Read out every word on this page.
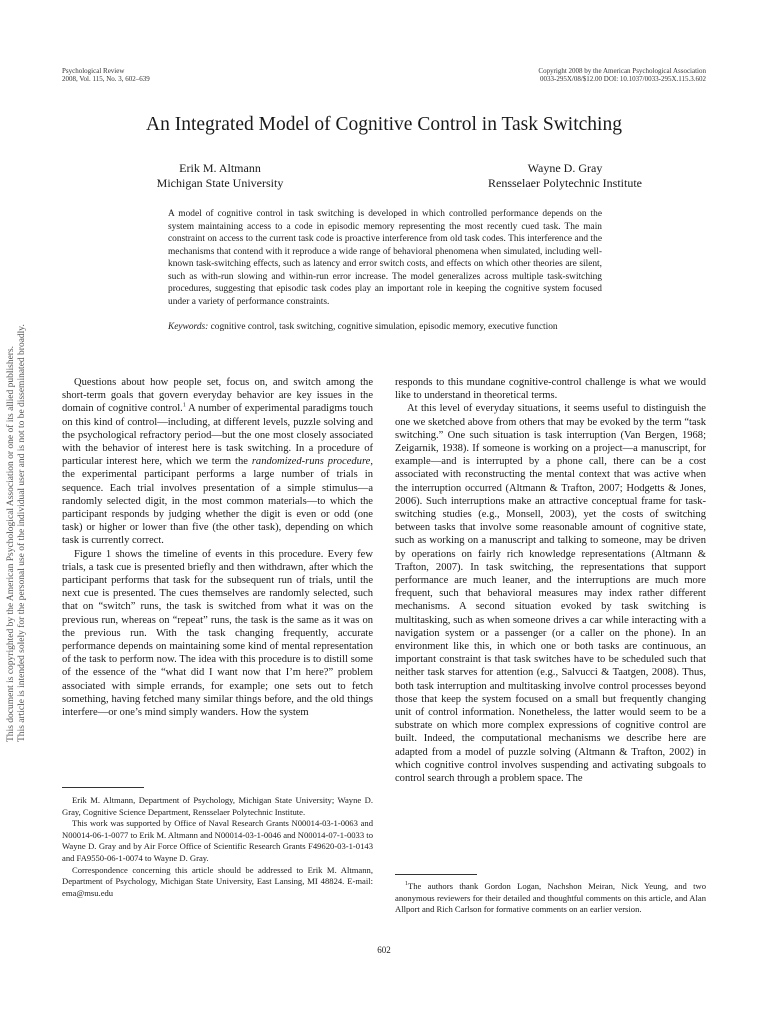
Psychological Review
2008, Vol. 115, No. 3, 602–639
Copyright 2008 by the American Psychological Association
0033-295X/08/$12.00 DOI: 10.1037/0033-295X.115.3.602
An Integrated Model of Cognitive Control in Task Switching
Erik M. Altmann
Michigan State University
Wayne D. Gray
Rensselaer Polytechnic Institute
A model of cognitive control in task switching is developed in which controlled performance depends on the system maintaining access to a code in episodic memory representing the most recently cued task. The main constraint on access to the current task code is proactive interference from old task codes. This interference and the mechanisms that contend with it reproduce a wide range of behavioral phenomena when simulated, including well-known task-switching effects, such as latency and error switch costs, and effects on which other theories are silent, such as with-run slowing and within-run error increase. The model generalizes across multiple task-switching procedures, suggesting that episodic task codes play an important role in keeping the cognitive system focused under a variety of performance constraints.
Keywords: cognitive control, task switching, cognitive simulation, episodic memory, executive function

Questions about how people set, focus on, and switch among the short-term goals that govern everyday behavior are key issues in the domain of cognitive control.$^1$ A number of experimental paradigms touch on this kind of control—including, at different levels, puzzle solving and the psychological refractory period—but the one most closely associated with the behavior of interest here is task switching. In a procedure of particular interest here, which we term the randomized-runs procedure, the experimental participant performs a large number of trials in sequence. Each trial involves presentation of a simple stimulus—a randomly selected digit, in the most common materials—to which the participant responds by judging whether the digit is even or odd (one task) or higher or lower than five (the other task), depending on which task is currently correct.

Figure 1 shows the timeline of events in this procedure. Every few trials, a task cue is presented briefly and then withdrawn, after which the participant performs that task for the subsequent run of trials, until the next cue is presented. The cues themselves are randomly selected, such that on “switch” runs, the task is switched from what it was on the previous run, whereas on “repeat” runs, the task is the same as it was on the previous run. With the task changing frequently, accurate performance depends on maintaining some kind of mental representation of the task to perform now. The idea with this procedure is to distill some of the essence of the “what did I want now that I’m here?” problem associated with simple errands, for example; one sets out to fetch something, having fetched many similar things before, and the old things interfere—or one’s mind simply wanders. How the system

responds to this mundane cognitive-control challenge is what we would like to understand in theoretical terms.

At this level of everyday situations, it seems useful to distinguish the one we sketched above from others that may be evoked by the term “task switching.” One such situation is task interruption (Van Bergen, 1968; Zeigarnik, 1938). If someone is working on a project—a manuscript, for example—and is interrupted by a phone call, there can be a cost associated with reconstructing the mental context that was active when the interruption occurred (Altmann & Trafton, 2007; Hodgetts & Jones, 2006). Such interruptions make an attractive conceptual frame for task-switching studies (e.g., Monsell, 2003), yet the costs of switching between tasks that involve some reasonable amount of cognitive state, such as working on a manuscript and talking to someone, may be driven by operations on fairly rich knowledge representations (Altmann & Trafton, 2007). In task switching, the representations that support performance are much leaner, and the interruptions are much more frequent, such that behavioral measures may index rather different mechanisms. A second situation evoked by task switching is multitasking, such as when someone drives a car while interacting with a navigation system or a passenger (or a caller on the phone). In an environment like this, in which one or both tasks are continuous, an important constraint is that task switches have to be scheduled such that neither task starves for attention (e.g., Salvucci & Taatgen, 2008). Thus, both task interruption and multitasking involve control processes beyond those that keep the system focused on a small but frequently changing unit of control information. Nonetheless, the latter would seem to be a substrate on which more complex expressions of cognitive control are built. Indeed, the computational mechanisms we describe here are adapted from a model of puzzle solving (Altmann & Trafton, 2002) in which cognitive control involves suspending and activating subgoals to control search through a problem space. The

Erik M. Altmann, Department of Psychology, Michigan State University; Wayne D. Gray, Cognitive Science Department, Rensselaer Polytechnic Institute.

This work was supported by Office of Naval Research Grants N00014-03-1-0063 and N00014-06-1-0077 to Erik M. Altmann and N00014-03-1-0046 and N00014-07-1-0033 to Wayne D. Gray and by Air Force Office of Scientific Research Grants F49620-03-1-0143 and FA9550-06-1-0074 to Wayne D. Gray.

Correspondence concerning this article should be addressed to Erik M. Altmann, Department of Psychology, Michigan State University, East Lansing, MI 48824. E-mail: ema@msu.edu

$^1$The authors thank Gordon Logan, Nachshon Meiran, Nick Yeung, and two anonymous reviewers for their detailed and thoughtful comments on this article, and Alan Allport and Rich Carlson for formative comments on an earlier version.

602
This document is copyrighted by the American Psychological Association or one of its allied publishers. This article is intended solely for the personal use of the individual user and is not to be disseminated broadly.
